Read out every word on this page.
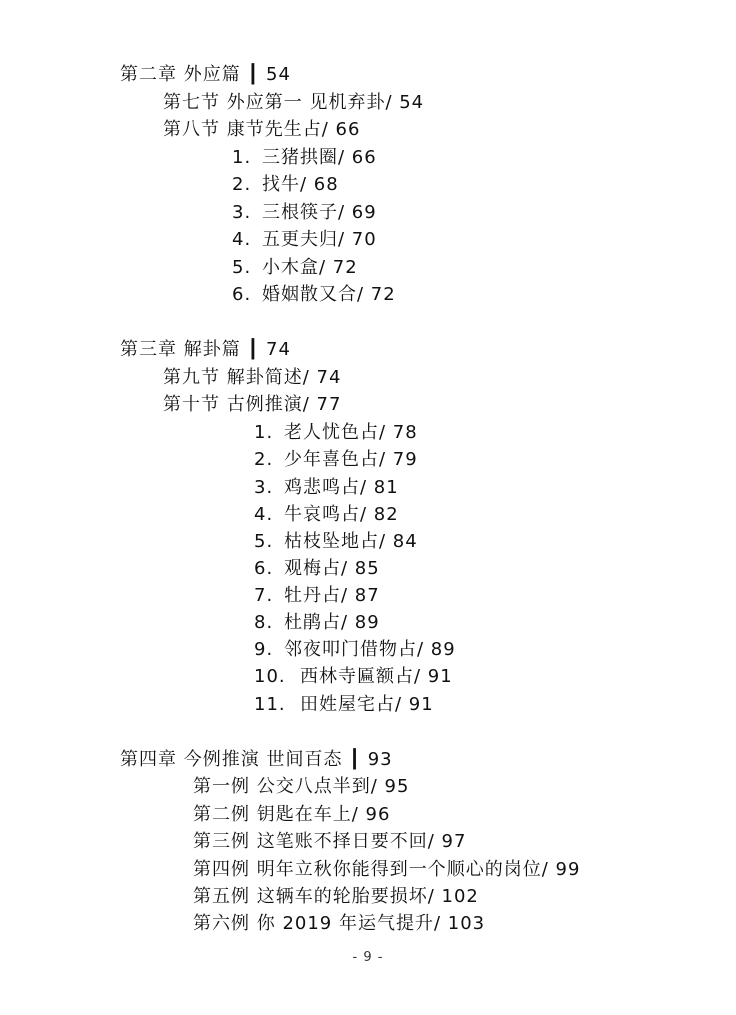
第二章 外应篇 ┃ 54
第七节 外应第一 见机弃卦/ 54
第八节 康节先生占/ 66
1. 三猪拱圈/ 66
2. 找牛/ 68
3. 三根筷子/ 69
4. 五更夫归/ 70
5. 小木盒/ 72
6. 婚姻散又合/ 72
第三章 解卦篇 ┃ 74
第九节 解卦简述/ 74
第十节 古例推演/ 77
1. 老人忧色占/ 78
2. 少年喜色占/ 79
3. 鸡悲鸣占/ 81
4. 牛哀鸣占/ 82
5. 枯枝坠地占/ 84
6. 观梅占/ 85
7. 牡丹占/ 87
8. 杜鹃占/ 89
9. 邻夜叩门借物占/ 89
10. 西林寺匾额占/ 91
11. 田姓屋宅占/ 91
第四章 今例推演 世间百态 ┃ 93
第一例 公交八点半到/ 95
第二例 钥匙在车上/ 96
第三例 这笔账不择日要不回/ 97
第四例 明年立秋你能得到一个顺心的岗位/ 99
第五例 这辆车的轮胎要损坏/ 102
第六例 你 2019 年运气提升/ 103
- 9 -
